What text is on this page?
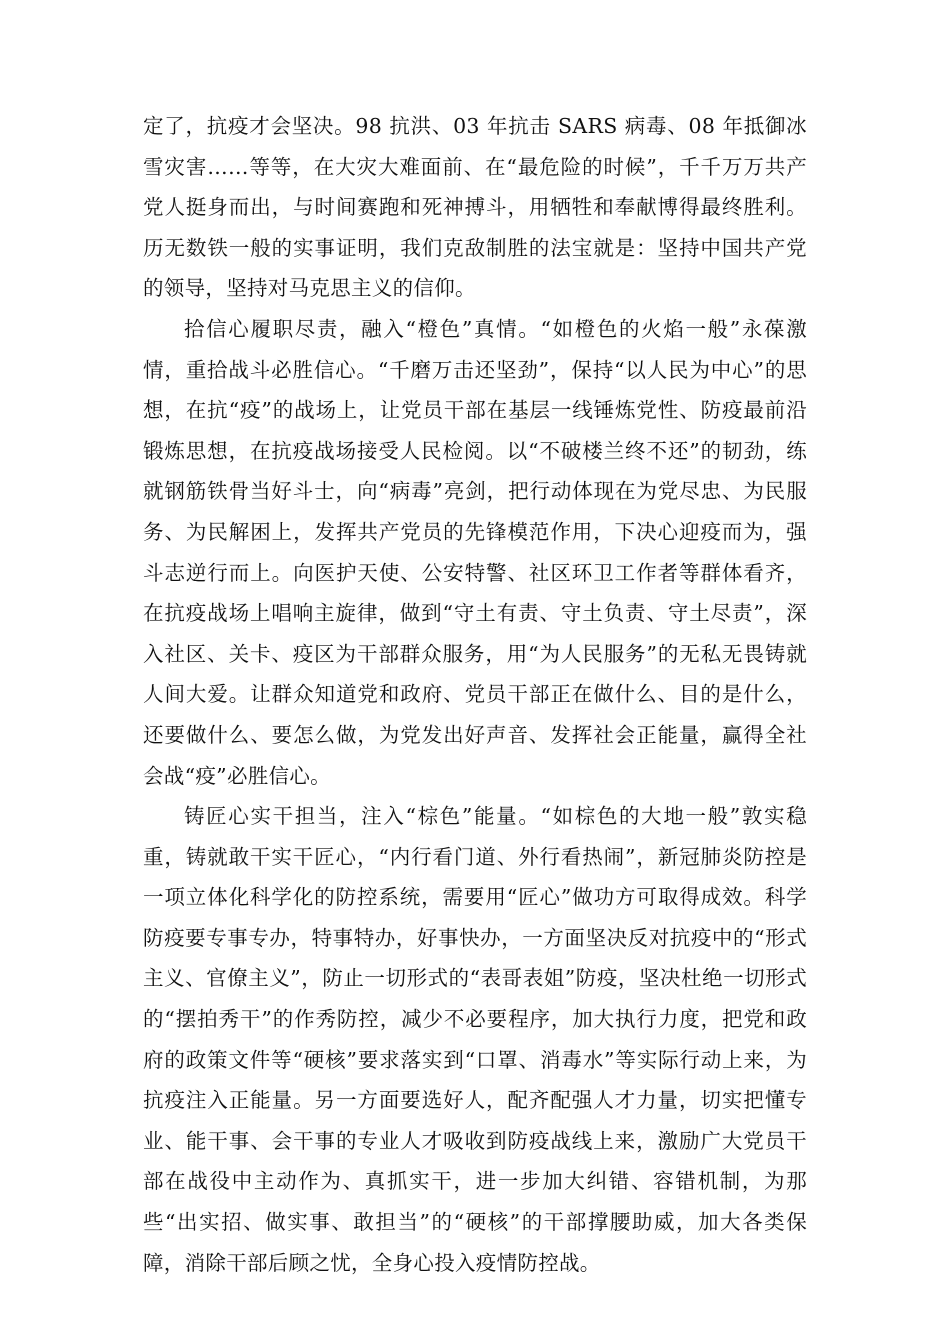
定了，抗疫才会坚决。98 抗洪、03 年抗击 SARS 病毒、08 年抵御冰雪灾害……等等，在大灾大难面前、在“最危险的时候”，千千万万共产党人挺身而出，与时间赛跑和死神搏斗，用牺牲和奉献博得最终胜利。历无数铁一般的实事证明，我们克敌制胜的法宝就是：坚持中国共产党的领导，坚持对马克思主义的信仰。

拾信心履职尽责，融入“橙色”真情。“如橙色的火焰一般”永葆激情，重拾战斗必胜信心。“千磨万击还坚劲”，保持“以人民为中心”的思想，在抗“疫”的战场上，让党员干部在基层一线锤炼党性、防疫最前沿锻炼思想，在抗疫战场接受人民检阅。以“不破楼兰终不还”的韧劲，练就钢筋铁骨当好斗士，向“病毒”亮剑，把行动体现在为党尽忠、为民服务、为民解困上，发挥共产党员的先锋模范作用，下决心迎疫而为，强斗志逆行而上。向医护天使、公安特警、社区环卫工作者等群体看齐，在抗疫战场上唱响主旋律，做到“守土有责、守土负责、守土尽责”，深入社区、关卡、疫区为干部群众服务，用“为人民服务”的无私无畏铸就人间大爱。让群众知道党和政府、党员干部正在做什么、目的是什么，还要做什么、要怎么做，为党发出好声音、发挥社会正能量，赢得全社会战“疫”必胜信心。

铸匠心实干担当，注入“棕色”能量。“如棕色的大地一般”敦实稳重，铸就敢干实干匠心，“内行看门道、外行看热闹”，新冠肺炎防控是一项立体化科学化的防控系统，需要用“匠心”做功方可取得成效。科学防疫要专事专办，特事特办，好事快办，一方面坚决反对抗疫中的“形式主义、官僚主义”，防止一切形式的“表哥表姐”防疫，坚决杜绝一切形式的“摆拍秀干”的作秀防控，减少不必要程序，加大执行力度，把党和政府的政策文件等“硬核”要求落实到“口罩、消毒水”等实际行动上来，为抗疫注入正能量。另一方面要选好人，配齐配强人才力量，切实把懂专业、能干事、会干事的专业人才吸收到防疫战线上来，激励广大党员干部在战役中主动作为、真抓实干，进一步加大纠错、容错机制，为那些“出实招、做实事、敢担当”的“硬核”的干部撑腰助威，加大各类保障，消除干部后顾之忧，全身心投入疫情防控战。
